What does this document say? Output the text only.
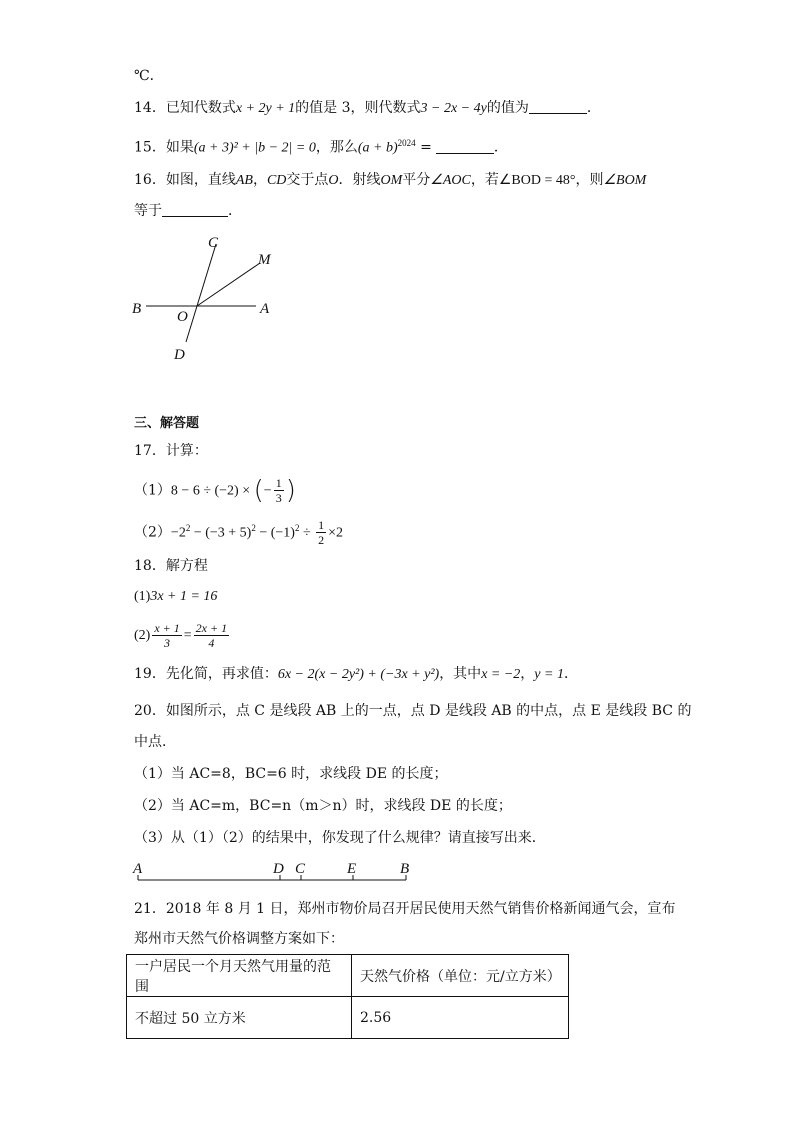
℃．
14．已知代数式x + 2y + 1的值是 3，则代数式3 − 2x − 4y的值为	．
15．如果(a + 3)² + |b − 2| = 0，那么$(a + b)^{2024}$ =	．
16．如图，直线AB，CD交于点O．射线OM平分∠AOC，若∠BOD = 48°，则∠BOM
等于	．
C
M
B O	A
D
三、解答题
17．计算：
（1）8 − 6 ÷ (−2) × (− $\frac{1}{3}$ )
$(2)-2^2 - (-3 + 5)^2 - (-1)^2 \div \frac{1}{2} \times 2$
18．解方程
(1)3x + 1 = 16
$(2) \frac{x + 1}{3} = \frac{2x + 1}{4}$
19．先化简，再求值：6x − 2(x − 2y²) + (−3x + y²)，其中x = −2，y = 1．
20．如图所示，点 C 是线段 AB 上的一点，点 D 是线段 AB 的中点，点 E 是线段 BC 的
中点．
（1）当 AC=8，BC=6 时，求线段 DE 的长度；
（2）当 AC=m，BC=n（m＞n）时，求线段 DE 的长度；
（3）从（1）（2）的结果中，你发现了什么规律？请直接写出来．
A	D C	E	B
21．2018 年 8 月 1 日，郑州市物价局召开居民使用天然气销售价格新闻通气会，宣布
郑州市天然气价格调整方案如下：
一户居民一个月天然气用量的范围	天然气价格（单位：元/立方米）
不超过 50 立方米	2.56
